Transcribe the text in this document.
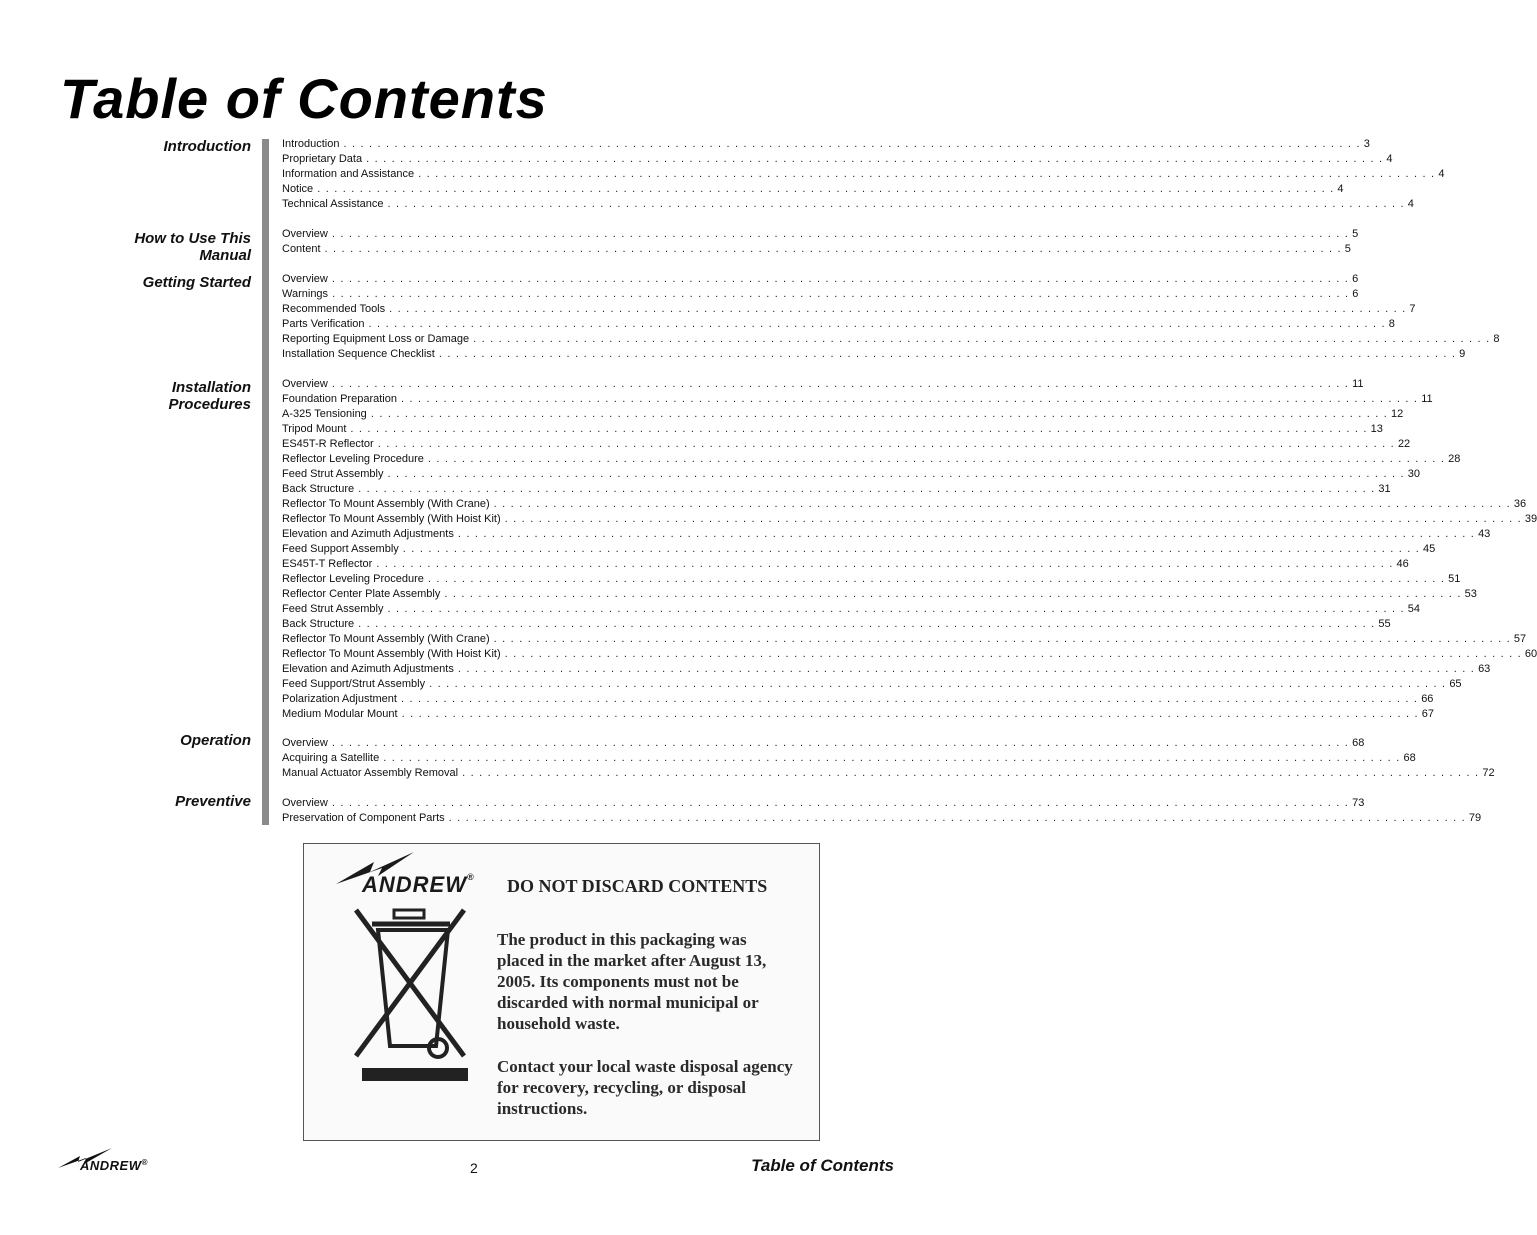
Table of Contents
Introduction
How to Use This
Manual
Getting Started
Installation
Procedures
Operation
Preventive
Introduction . . . . . . . . . . . . . . . . . . . . . . . . . . . . . . . . . . . . . . . . . . . . . . . . . . . . . . . . . . . . . . . . . . . . . . . . . . . . . . . . . . . . . . . . . . . . . . . . . . . . . . . . . . . . . . . . . . . . . . . . 3
Proprietary Data . . . . . . . . . . . . . . . . . . . . . . . . . . . . . . . . . . . . . . . . . . . . . . . . . . . . . . . . . . . . . . . . . . . . . . . . . . . . . . . . . . . . . . . . . . . . . . . . . . . . . . . . . . . . . . . . . . . . . . . . 4
Information and Assistance . . . . . . . . . . . . . . . . . . . . . . . . . . . . . . . . . . . . . . . . . . . . . . . . . . . . . . . . . . . . . . . . . . . . . . . . . . . . . . . . . . . . . . . . . . . . . . . . . . . . . . . . . . . . . . . . . . . . . . . . 4
Notice . . . . . . . . . . . . . . . . . . . . . . . . . . . . . . . . . . . . . . . . . . . . . . . . . . . . . . . . . . . . . . . . . . . . . . . . . . . . . . . . . . . . . . . . . . . . . . . . . . . . . . . . . . . . . . . . . . . . . . . . 4
Technical Assistance . . . . . . . . . . . . . . . . . . . . . . . . . . . . . . . . . . . . . . . . . . . . . . . . . . . . . . . . . . . . . . . . . . . . . . . . . . . . . . . . . . . . . . . . . . . . . . . . . . . . . . . . . . . . . . . . . . . . . . . . 4
Overview . . . . . . . . . . . . . . . . . . . . . . . . . . . . . . . . . . . . . . . . . . . . . . . . . . . . . . . . . . . . . . . . . . . . . . . . . . . . . . . . . . . . . . . . . . . . . . . . . . . . . . . . . . . . . . . . . . . . . . . . 5
Content . . . . . . . . . . . . . . . . . . . . . . . . . . . . . . . . . . . . . . . . . . . . . . . . . . . . . . . . . . . . . . . . . . . . . . . . . . . . . . . . . . . . . . . . . . . . . . . . . . . . . . . . . . . . . . . . . . . . . . . . 5
Overview . . . . . . . . . . . . . . . . . . . . . . . . . . . . . . . . . . . . . . . . . . . . . . . . . . . . . . . . . . . . . . . . . . . . . . . . . . . . . . . . . . . . . . . . . . . . . . . . . . . . . . . . . . . . . . . . . . . . . . . . 6
Warnings . . . . . . . . . . . . . . . . . . . . . . . . . . . . . . . . . . . . . . . . . . . . . . . . . . . . . . . . . . . . . . . . . . . . . . . . . . . . . . . . . . . . . . . . . . . . . . . . . . . . . . . . . . . . . . . . . . . . . . . . 6
Recommended Tools . . . . . . . . . . . . . . . . . . . . . . . . . . . . . . . . . . . . . . . . . . . . . . . . . . . . . . . . . . . . . . . . . . . . . . . . . . . . . . . . . . . . . . . . . . . . . . . . . . . . . . . . . . . . . . . . . . . . . . . . 7
Parts Verification . . . . . . . . . . . . . . . . . . . . . . . . . . . . . . . . . . . . . . . . . . . . . . . . . . . . . . . . . . . . . . . . . . . . . . . . . . . . . . . . . . . . . . . . . . . . . . . . . . . . . . . . . . . . . . . . . . . . . . . . 8
Reporting Equipment Loss or Damage . . . . . . . . . . . . . . . . . . . . . . . . . . . . . . . . . . . . . . . . . . . . . . . . . . . . . . . . . . . . . . . . . . . . . . . . . . . . . . . . . . . . . . . . . . . . . . . . . . . . . . . . . . . . . . . . . . . . . . . . 8
Installation Sequence Checklist . . . . . . . . . . . . . . . . . . . . . . . . . . . . . . . . . . . . . . . . . . . . . . . . . . . . . . . . . . . . . . . . . . . . . . . . . . . . . . . . . . . . . . . . . . . . . . . . . . . . . . . . . . . . . . . . . . . . . . . . 9
Overview . . . . . . . . . . . . . . . . . . . . . . . . . . . . . . . . . . . . . . . . . . . . . . . . . . . . . . . . . . . . . . . . . . . . . . . . . . . . . . . . . . . . . . . . . . . . . . . . . . . . . . . . . . . . . . . . . . . . . . . . 11
Foundation Preparation . . . . . . . . . . . . . . . . . . . . . . . . . . . . . . . . . . . . . . . . . . . . . . . . . . . . . . . . . . . . . . . . . . . . . . . . . . . . . . . . . . . . . . . . . . . . . . . . . . . . . . . . . . . . . . . . . . . . . . . . 11
A-325 Tensioning . . . . . . . . . . . . . . . . . . . . . . . . . . . . . . . . . . . . . . . . . . . . . . . . . . . . . . . . . . . . . . . . . . . . . . . . . . . . . . . . . . . . . . . . . . . . . . . . . . . . . . . . . . . . . . . . . . . . . . . . 12
Tripod Mount . . . . . . . . . . . . . . . . . . . . . . . . . . . . . . . . . . . . . . . . . . . . . . . . . . . . . . . . . . . . . . . . . . . . . . . . . . . . . . . . . . . . . . . . . . . . . . . . . . . . . . . . . . . . . . . . . . . . . . . . 13
ES45T-R Reflector . . . . . . . . . . . . . . . . . . . . . . . . . . . . . . . . . . . . . . . . . . . . . . . . . . . . . . . . . . . . . . . . . . . . . . . . . . . . . . . . . . . . . . . . . . . . . . . . . . . . . . . . . . . . . . . . . . . . . . . . 22
Reflector Leveling Procedure . . . . . . . . . . . . . . . . . . . . . . . . . . . . . . . . . . . . . . . . . . . . . . . . . . . . . . . . . . . . . . . . . . . . . . . . . . . . . . . . . . . . . . . . . . . . . . . . . . . . . . . . . . . . . . . . . . . . . . . . 28
Feed Strut Assembly . . . . . . . . . . . . . . . . . . . . . . . . . . . . . . . . . . . . . . . . . . . . . . . . . . . . . . . . . . . . . . . . . . . . . . . . . . . . . . . . . . . . . . . . . . . . . . . . . . . . . . . . . . . . . . . . . . . . . . . . 30
Back Structure . . . . . . . . . . . . . . . . . . . . . . . . . . . . . . . . . . . . . . . . . . . . . . . . . . . . . . . . . . . . . . . . . . . . . . . . . . . . . . . . . . . . . . . . . . . . . . . . . . . . . . . . . . . . . . . . . . . . . . . . 31
Reflector To Mount Assembly (With Crane) . . . . . . . . . . . . . . . . . . . . . . . . . . . . . . . . . . . . . . . . . . . . . . . . . . . . . . . . . . . . . . . . . . . . . . . . . . . . . . . . . . . . . . . . . . . . . . . . . . . . . . . . . . . . . . . . . . . . . . . . 36
Reflector To Mount Assembly (With Hoist Kit) . . . . . . . . . . . . . . . . . . . . . . . . . . . . . . . . . . . . . . . . . . . . . . . . . . . . . . . . . . . . . . . . . . . . . . . . . . . . . . . . . . . . . . . . . . . . . . . . . . . . . . . . . . . . . . . . . . . . . . . . 39
Elevation and Azimuth Adjustments . . . . . . . . . . . . . . . . . . . . . . . . . . . . . . . . . . . . . . . . . . . . . . . . . . . . . . . . . . . . . . . . . . . . . . . . . . . . . . . . . . . . . . . . . . . . . . . . . . . . . . . . . . . . . . . . . . . . . . . . 43
Feed Support Assembly . . . . . . . . . . . . . . . . . . . . . . . . . . . . . . . . . . . . . . . . . . . . . . . . . . . . . . . . . . . . . . . . . . . . . . . . . . . . . . . . . . . . . . . . . . . . . . . . . . . . . . . . . . . . . . . . . . . . . . . . 45
ES45T-T Reflector . . . . . . . . . . . . . . . . . . . . . . . . . . . . . . . . . . . . . . . . . . . . . . . . . . . . . . . . . . . . . . . . . . . . . . . . . . . . . . . . . . . . . . . . . . . . . . . . . . . . . . . . . . . . . . . . . . . . . . . . 46
Reflector Leveling Procedure . . . . . . . . . . . . . . . . . . . . . . . . . . . . . . . . . . . . . . . . . . . . . . . . . . . . . . . . . . . . . . . . . . . . . . . . . . . . . . . . . . . . . . . . . . . . . . . . . . . . . . . . . . . . . . . . . . . . . . . . 51
Reflector Center Plate Assembly . . . . . . . . . . . . . . . . . . . . . . . . . . . . . . . . . . . . . . . . . . . . . . . . . . . . . . . . . . . . . . . . . . . . . . . . . . . . . . . . . . . . . . . . . . . . . . . . . . . . . . . . . . . . . . . . . . . . . . . . 53
Feed Strut Assembly . . . . . . . . . . . . . . . . . . . . . . . . . . . . . . . . . . . . . . . . . . . . . . . . . . . . . . . . . . . . . . . . . . . . . . . . . . . . . . . . . . . . . . . . . . . . . . . . . . . . . . . . . . . . . . . . . . . . . . . . 54
Back Structure . . . . . . . . . . . . . . . . . . . . . . . . . . . . . . . . . . . . . . . . . . . . . . . . . . . . . . . . . . . . . . . . . . . . . . . . . . . . . . . . . . . . . . . . . . . . . . . . . . . . . . . . . . . . . . . . . . . . . . . . 55
Reflector To Mount Assembly (With Crane) . . . . . . . . . . . . . . . . . . . . . . . . . . . . . . . . . . . . . . . . . . . . . . . . . . . . . . . . . . . . . . . . . . . . . . . . . . . . . . . . . . . . . . . . . . . . . . . . . . . . . . . . . . . . . . . . . . . . . . . . 57
Reflector To Mount Assembly (With Hoist Kit) . . . . . . . . . . . . . . . . . . . . . . . . . . . . . . . . . . . . . . . . . . . . . . . . . . . . . . . . . . . . . . . . . . . . . . . . . . . . . . . . . . . . . . . . . . . . . . . . . . . . . . . . . . . . . . . . . . . . . . . . 60
Elevation and Azimuth Adjustments . . . . . . . . . . . . . . . . . . . . . . . . . . . . . . . . . . . . . . . . . . . . . . . . . . . . . . . . . . . . . . . . . . . . . . . . . . . . . . . . . . . . . . . . . . . . . . . . . . . . . . . . . . . . . . . . . . . . . . . . 63
Feed Support/Strut Assembly . . . . . . . . . . . . . . . . . . . . . . . . . . . . . . . . . . . . . . . . . . . . . . . . . . . . . . . . . . . . . . . . . . . . . . . . . . . . . . . . . . . . . . . . . . . . . . . . . . . . . . . . . . . . . . . . . . . . . . . . 65
Polarization Adjustment . . . . . . . . . . . . . . . . . . . . . . . . . . . . . . . . . . . . . . . . . . . . . . . . . . . . . . . . . . . . . . . . . . . . . . . . . . . . . . . . . . . . . . . . . . . . . . . . . . . . . . . . . . . . . . . . . . . . . . . . 66
Medium Modular Mount . . . . . . . . . . . . . . . . . . . . . . . . . . . . . . . . . . . . . . . . . . . . . . . . . . . . . . . . . . . . . . . . . . . . . . . . . . . . . . . . . . . . . . . . . . . . . . . . . . . . . . . . . . . . . . . . . . . . . . . . 67
Overview . . . . . . . . . . . . . . . . . . . . . . . . . . . . . . . . . . . . . . . . . . . . . . . . . . . . . . . . . . . . . . . . . . . . . . . . . . . . . . . . . . . . . . . . . . . . . . . . . . . . . . . . . . . . . . . . . . . . . . . . 68
Acquiring a Satellite . . . . . . . . . . . . . . . . . . . . . . . . . . . . . . . . . . . . . . . . . . . . . . . . . . . . . . . . . . . . . . . . . . . . . . . . . . . . . . . . . . . . . . . . . . . . . . . . . . . . . . . . . . . . . . . . . . . . . . . . 68
Manual Actuator Assembly Removal . . . . . . . . . . . . . . . . . . . . . . . . . . . . . . . . . . . . . . . . . . . . . . . . . . . . . . . . . . . . . . . . . . . . . . . . . . . . . . . . . . . . . . . . . . . . . . . . . . . . . . . . . . . . . . . . . . . . . . . . 72
Overview . . . . . . . . . . . . . . . . . . . . . . . . . . . . . . . . . . . . . . . . . . . . . . . . . . . . . . . . . . . . . . . . . . . . . . . . . . . . . . . . . . . . . . . . . . . . . . . . . . . . . . . . . . . . . . . . . . . . . . . . 73
Preservation of Component Parts . . . . . . . . . . . . . . . . . . . . . . . . . . . . . . . . . . . . . . . . . . . . . . . . . . . . . . . . . . . . . . . . . . . . . . . . . . . . . . . . . . . . . . . . . . . . . . . . . . . . . . . . . . . . . . . . . . . . . . . . 79
ANDREW® DO NOT DISCARD CONTENTS

The product in this packaging was placed in the market after August 13, 2005. Its components must not be discarded with normal municipal or household waste.

Contact your local waste disposal agency for recovery, recycling, or disposal instructions.

ANDREW®	2	Table of Contents
